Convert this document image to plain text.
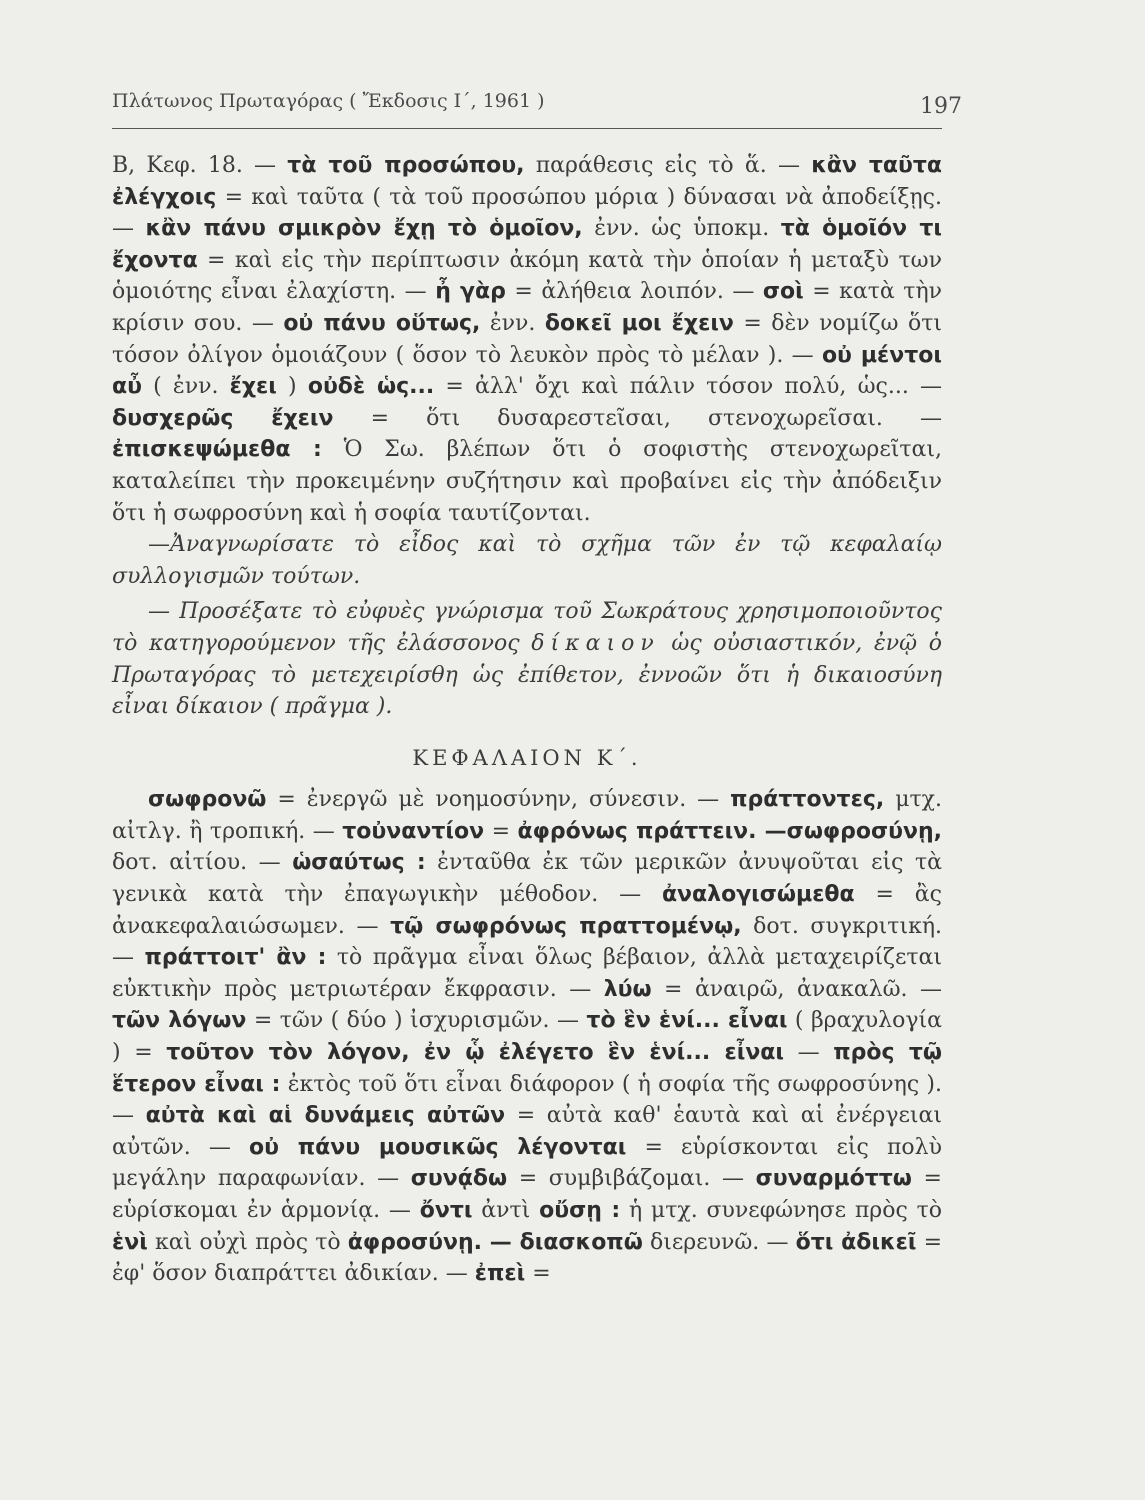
Πλάτωνος Πρωταγόρας ( Ἔκδοσις Ι΄, 1961 )	197

Β, Κεφ. 18. — τὰ τοῦ προσώπου, παράθεσις εἰς τὸ ἅ. — κἂν ταῦτα ἐλέγχοις = καὶ ταῦτα ( τὰ τοῦ προσώπου μόρια ) δύνασαι νὰ ἀποδείξῃς. — κἂν πάνυ σμικρὸν ἔχῃ τὸ ὁμοῖον, ἐνν. ὡς ὑποκμ. τὰ ὁμοῖόν τι ἔχοντα = καὶ εἰς τὴν περίπτωσιν ἀκόμη κατὰ τὴν ὁποίαν ἡ μεταξὺ των ὁμοιότης εἶναι ἐλαχίστη. — ἦ γὰρ = ἀλήθεια λοιπόν. — σοὶ = κατὰ τὴν κρίσιν σου. — οὐ πάνυ οὕτως, ἐνν. δοκεῖ μοι ἔχειν = δὲν νομίζω ὅτι τόσον ὀλίγον ὁμοιάζουν ( ὅσον τὸ λευκὸν πρὸς τὸ μέλαν ). — οὐ μέντοι αὖ ( ἐνν. ἔχει ) οὐδὲ ὡς... = ἀλλ' ὄχι καὶ πάλιν τόσον πολύ, ὡς... — δυσχερῶς ἔχειν = ὅτι δυσαρεστεῖσαι, στενοχωρεῖσαι. — ἐπισκεψώμεθα : Ὁ Σω. βλέπων ὅτι ὁ σοφιστὴς στενοχωρεῖται, καταλείπει τὴν προκειμένην συζήτησιν καὶ προβαίνει εἰς τὴν ἀπόδειξιν ὅτι ἡ σωφροσύνη καὶ ἡ σοφία ταυτίζονται.

—Ἀναγνωρίσατε τὸ εἶδος καὶ τὸ σχῆμα τῶν ἐν τῷ κεφαλαίῳ συλλογισμῶν τούτων.

— Προσέξατε τὸ εὐφυὲς γνώρισμα τοῦ Σωκράτους χρησιμοποιοῦντος τὸ κατηγορούμενον τῆς ἐλάσσονος δίκαιον ὡς οὐσιαστικόν, ἐνῷ ὁ Πρωταγόρας τὸ μετεχειρίσθη ὡς ἐπίθετον, ἐννοῶν ὅτι ἡ δικαιοσύνη εἶναι δίκαιον ( πρᾶγμα ).

ΚΕΦΑΛΑΙΟΝ Κ΄.

σωφρονῶ = ἐνεργῶ μὲ νοημοσύνην, σύνεσιν. — πράττοντες, μτχ. αἰτλγ. ἢ τροπική. — τοὐναντίον = ἀφρόνως πράττειν. —σωφροσύνῃ, δοτ. αἰτίου. — ὡσαύτως : ἐνταῦθα ἐκ τῶν μερικῶν ἀνυψοῦται εἰς τὰ γενικὰ κατὰ τὴν ἐπαγωγικὴν μέθοδον. — ἀναλογισώμεθα = ἂς ἀνακεφαλαιώσωμεν. — τῷ σωφρόνως πραττομένῳ, δοτ. συγκριτική. — πράττοιτ' ἂν : τὸ πρᾶγμα εἶναι ὅλως βέβαιον, ἀλλὰ μεταχειρίζεται εὐκτικὴν πρὸς μετριωτέραν ἔκφρασιν. — λύω = ἀναιρῶ, ἀνακαλῶ. — τῶν λόγων = τῶν ( δύο ) ἰσχυρισμῶν. — τὸ ἓν ἑνί... εἶναι ( βραχυλογία ) = τοῦτον τὸν λόγον, ἐν ᾧ ἐλέγετο ἓν ἑνί... εἶναι — πρὸς τῷ ἕτερον εἶναι : ἐκτὸς τοῦ ὅτι εἶναι διάφορον ( ἡ σοφία τῆς σωφροσύνης ). — αὐτὰ καὶ αἱ δυνάμεις αὐτῶν = αὐτὰ καθ' ἑαυτὰ καὶ αἱ ἐνέργειαι αὐτῶν. — οὐ πάνυ μουσικῶς λέγονται = εὑρίσκονται εἰς πολὺ μεγάλην παραφωνίαν. — συνᾴδω = συμβιβάζομαι. — συναρμόττω = εὑρίσκομαι ἐν ἁρμονίᾳ. — ὄντι ἀντὶ οὔσῃ : ἡ μτχ. συνεφώνησε πρὸς τὸ ἑνὶ καὶ οὐχὶ πρὸς τὸ ἀφροσύνῃ. — διασκοπῶ διερευνῶ. — ὅτι ἀδικεῖ = ἐφ' ὅσον διαπράττει ἀδικίαν. — ἐπεὶ =
